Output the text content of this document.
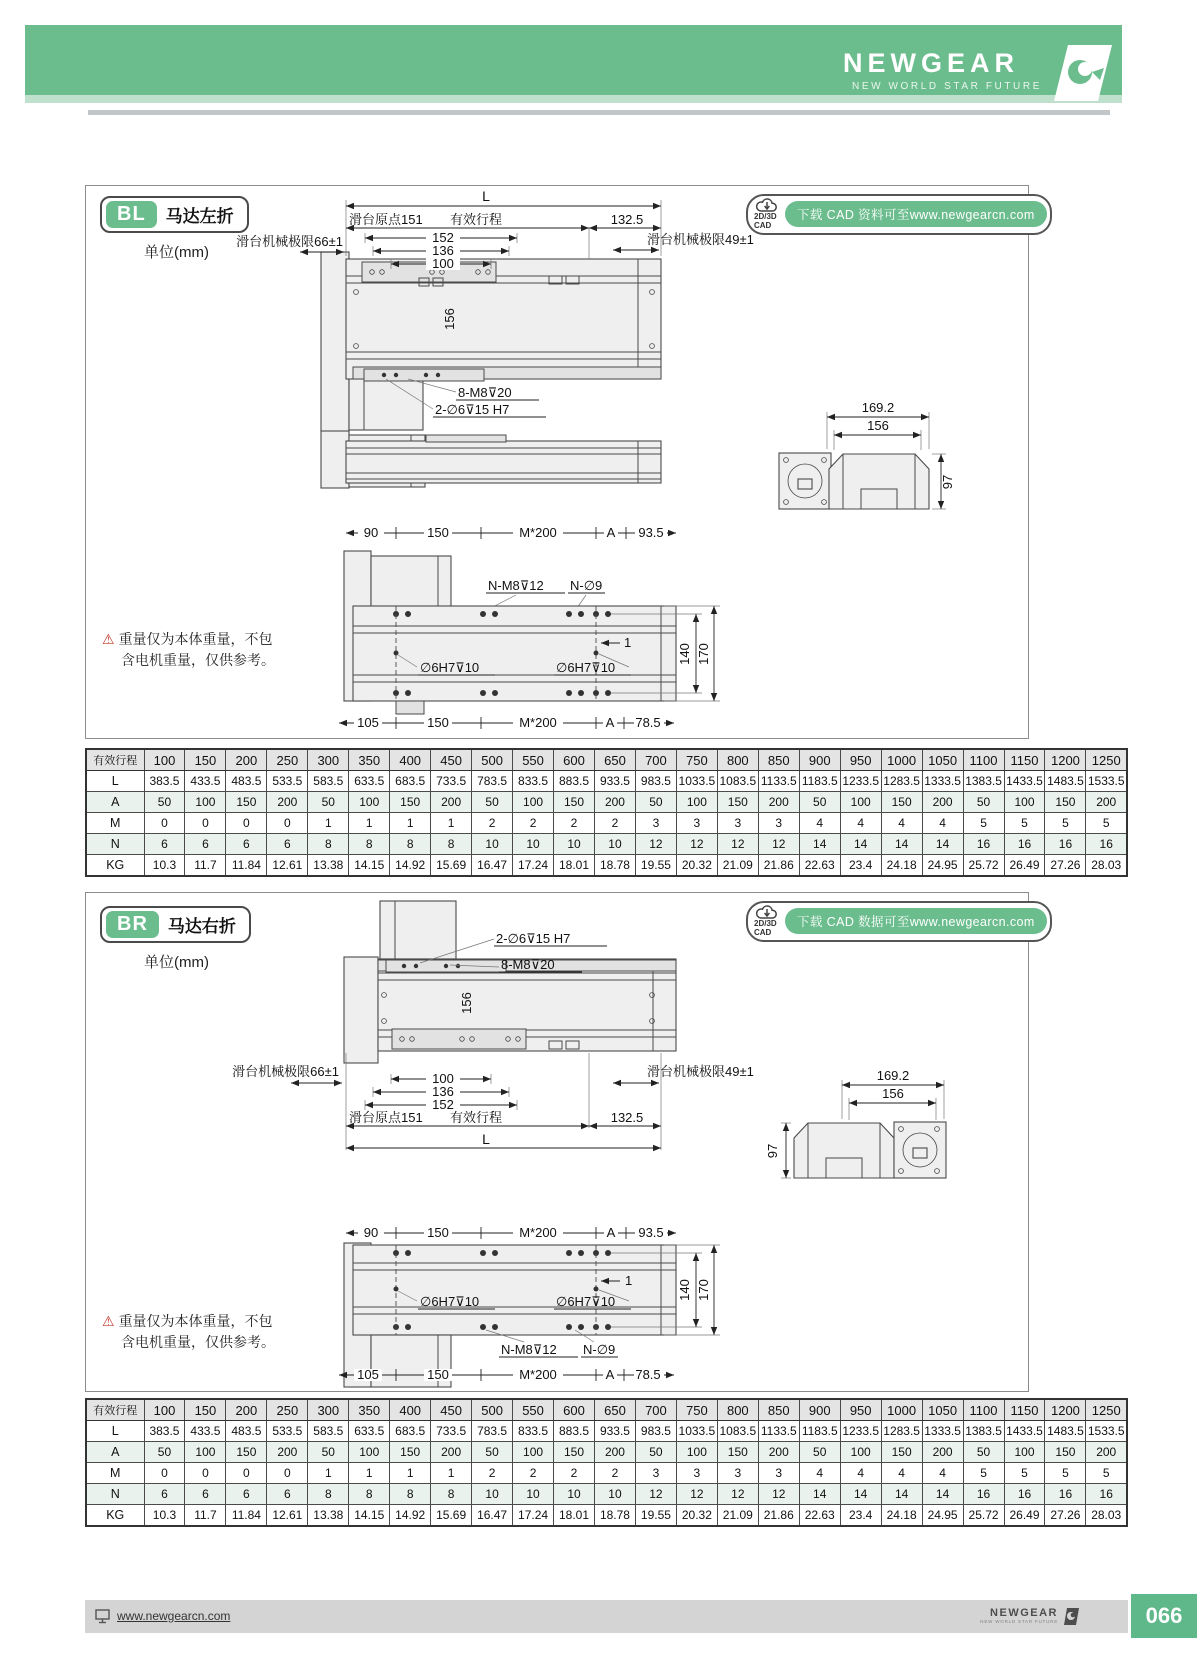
NEWGEAR
NEW WORLD STAR FUTURE
BL	马达左折
单位(mm)
2D/3D CAD
下载 CAD 资料可至www.newgearcn.com
⚠ 重量仅为本体重量，不包
含电机重量，仅供参考。
156
8-M8⊽20
2-∅6⊽15 H7
L
滑台原点151 有效行程	132.5
152
136
100
滑台机械极限66±1	滑台机械极限49±1
169.2
156
97
90	150	M*200	A 93.5
N-M8⊽12 N-∅9
∅6H7⊽10	∅6H7⊽10
1
140 170
105	150	M*200	A 78.5
有效行程	100	150	200	250	300	350	400	450	500	550	600	650	700	750	800	850	900	950	1000	1050	1100	1150	1200	1250
L	383.5	433.5	483.5	533.5	583.5	633.5	683.5	733.5	783.5	833.5	883.5	933.5	983.5	1033.5	1083.5	1133.5	1183.5	1233.5	1283.5	1333.5	1383.5	1433.5	1483.5	1533.5
A	50	100	150	200	50	100	150	200	50	100	150	200	50	100	150	200	50	100	150	200	50	100	150	200
M	0	0	0	0	1	1	1	1	2	2	2	2	3	3	3	3	4	4	4	4	5	5	5	5
N	6	6	6	6	8	8	8	8	10	10	10	10	12	12	12	12	14	14	14	14	16	16	16	16
KG	10.3	11.7	11.84	12.61	13.38	14.15	14.92	15.69	16.47	17.24	18.01	18.78	19.55	20.32	21.09	21.86	22.63	23.4	24.18	24.95	25.72	26.49	27.26	28.03
BR	马达右折
单位(mm)
2D/3D CAD
下载 CAD 数据可至www.newgearcn.com
⚠ 重量仅为本体重量，不包
含电机重量，仅供参考。
156
2-∅6⊽15 H7
8-M8⊽20
100
136
152
滑台机械极限66±1	滑台机械极限49±1
滑台原点151 有效行程	132.5
L
169.2
156
97
90	150	M*200	A 93.5
∅6H7⊽10	∅6H7⊽10
1	140 170
N-M8⊽12 N-∅9
105	150	M*200	A 78.5
有效行程	100	150	200	250	300	350	400	450	500	550	600	650	700	750	800	850	900	950	1000	1050	1100	1150	1200	1250
L	383.5	433.5	483.5	533.5	583.5	633.5	683.5	733.5	783.5	833.5	883.5	933.5	983.5	1033.5	1083.5	1133.5	1183.5	1233.5	1283.5	1333.5	1383.5	1433.5	1483.5	1533.5
A	50	100	150	200	50	100	150	200	50	100	150	200	50	100	150	200	50	100	150	200	50	100	150	200
M	0	0	0	0	1	1	1	1	2	2	2	2	3	3	3	3	4	4	4	4	5	5	5	5
N	6	6	6	6	8	8	8	8	10	10	10	10	12	12	12	12	14	14	14	14	16	16	16	16
KG	10.3	11.7	11.84	12.61	13.38	14.15	14.92	15.69	16.47	17.24	18.01	18.78	19.55	20.32	21.09	21.86	22.63	23.4	24.18	24.95	25.72	26.49	27.26	28.03
www.newgearcn.com	NEWGEAR
NEW WORLD STAR FUTURE	066
